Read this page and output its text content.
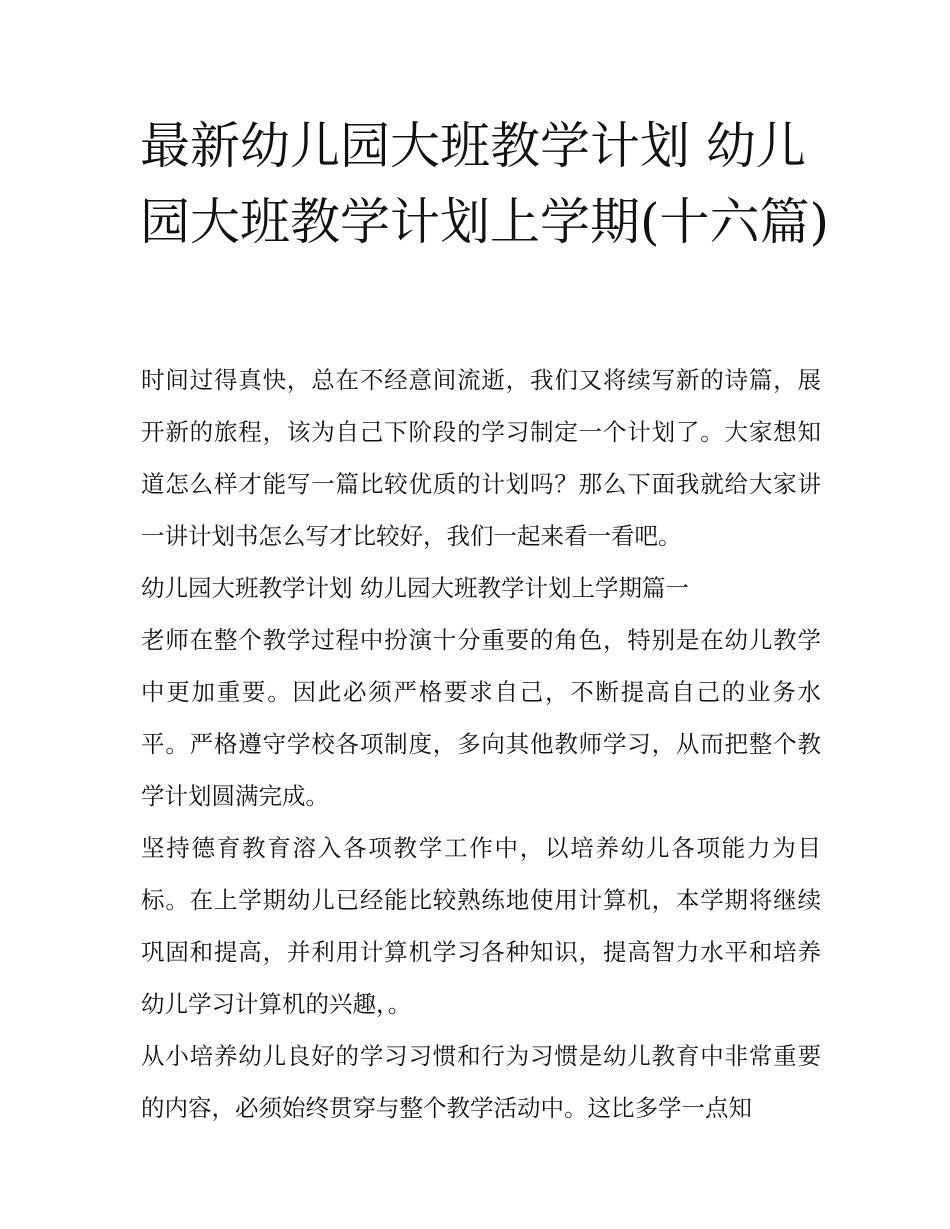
最新幼儿园大班教学计划 幼儿园大班教学计划上学期(十六篇)

时间过得真快，总在不经意间流逝，我们又将续写新的诗篇，展开新的旅程，该为自己下阶段的学习制定一个计划了。大家想知道怎么样才能写一篇比较优质的计划吗？那么下面我就给大家讲一讲计划书怎么写才比较好，我们一起来看一看吧。

幼儿园大班教学计划 幼儿园大班教学计划上学期篇一

老师在整个教学过程中扮演十分重要的角色，特别是在幼儿教学中更加重要。因此必须严格要求自己，不断提高自己的业务水平。严格遵守学校各项制度，多向其他教师学习，从而把整个教学计划圆满完成。

坚持德育教育溶入各项教学工作中，以培养幼儿各项能力为目标。在上学期幼儿已经能比较熟练地使用计算机，本学期将继续巩固和提高，并利用计算机学习各种知识，提高智力水平和培养幼儿学习计算机的兴趣，。

从小培养幼儿良好的学习习惯和行为习惯是幼儿教育中非常重要的内容，必须始终贯穿与整个教学活动中。这比多学一点知
